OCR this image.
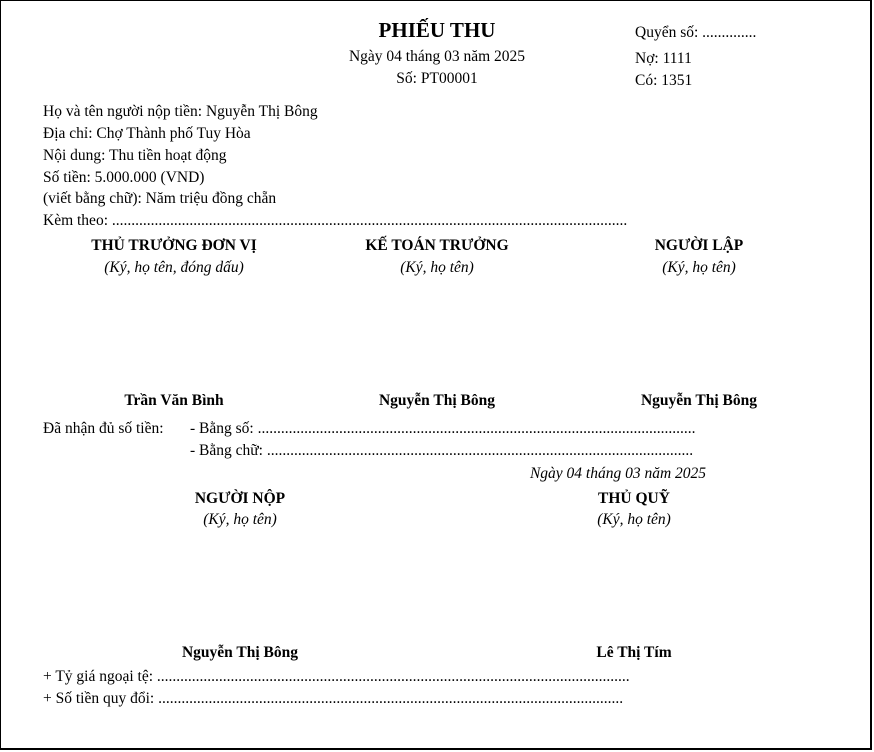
PHIẾU THU
Ngày 04 tháng 03 năm 2025
Số: PT00001
Quyển số: ..............
Nợ: 1111
Có: 1351
Họ và tên người nộp tiền: Nguyễn Thị Bông
Địa chỉ: Chợ Thành phố Tuy Hòa
Nội dung: Thu tiền hoạt động
Số tiền: 5.000.000 (VND)
(viết bằng chữ): Năm triệu đồng chẵn
Kèm theo: .....................................................................................................................................
THỦ TRƯỞNG ĐƠN VỊ
(Ký, họ tên, đóng dấu)
Trần Văn Bình
KẾ TOÁN TRƯỞNG
(Ký, họ tên)
Nguyễn Thị Bông
NGƯỜI LẬP
(Ký, họ tên)
Nguyễn Thị Bông
Đã nhận đủ số tiền: - Bằng số: .................................................................................................................
- Bằng chữ: ..............................................................................................................
Ngày 04 tháng 03 năm 2025
NGƯỜI NỘP
(Ký, họ tên)
Nguyễn Thị Bông
THỦ QUỸ
(Ký, họ tên)
Lê Thị Tím
+ Tỷ giá ngoại tệ: ..........................................................................................................................
+ Số tiền quy đổi: ........................................................................................................................
